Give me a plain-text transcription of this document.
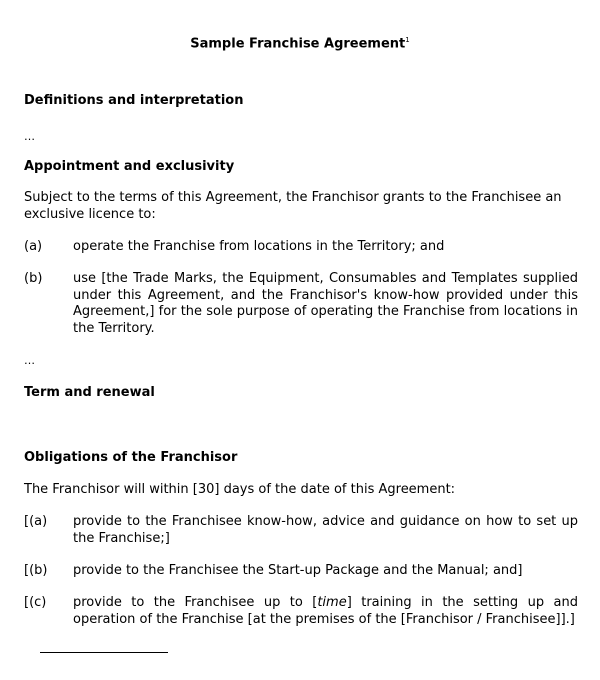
Sample Franchise Agreement$^1$
Definitions and interpretation
…
Appointment and exclusivity
Subject to the terms of this Agreement, the Franchisor grants to the Franchisee an exclusive licence to:
(a) operate the Franchise from locations in the Territory; and
(b) use [the Trade Marks, the Equipment, Consumables and Templates supplied under this Agreement, and the Franchisor's know-how provided under this Agreement,] for the sole purpose of operating the Franchise from locations in the Territory.
…
Term and renewal
Obligations of the Franchisor
The Franchisor will within [30] days of the date of this Agreement:
[(a) provide to the Franchisee know-how, advice and guidance on how to set up the Franchise;]
[(b) provide to the Franchisee the Start-up Package and the Manual; and]
[(c) provide to the Franchisee up to [time] training in the setting up and operation of the Franchise [at the premises of the [Franchisor / Franchisee]].]
